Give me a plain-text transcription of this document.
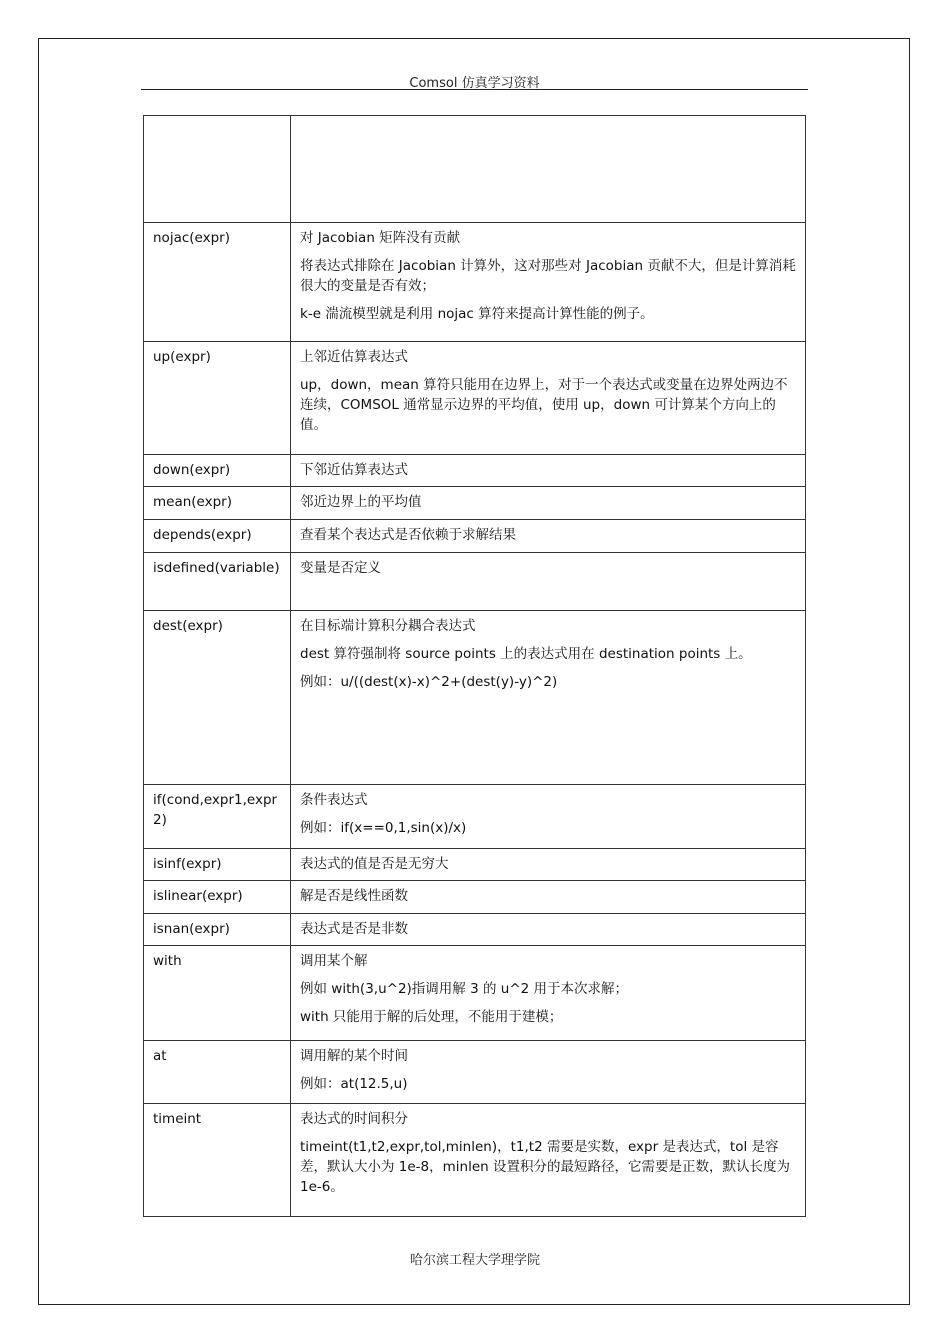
Comsol 仿真学习资料

nojac(expr)	对 Jacobian 矩阵没有贡献

将表达式排除在 Jacobian 计算外，这对那些对 Jacobian 贡献不大，但是计算消耗很大的变量是否有效；

k-e 湍流模型就是利用 nojac 算符来提高计算性能的例子。

up(expr)	上邻近估算表达式

up，down，mean 算符只能用在边界上，对于一个表达式或变量在边界处两边不连续，COMSOL 通常显示边界的平均值，使用 up，down 可计算某个方向上的值。

down(expr)	下邻近估算表达式

mean(expr)	邻近边界上的平均值

depends(expr)	查看某个表达式是否依赖于求解结果

isdefined(variable)	变量是否定义

dest(expr)	在目标端计算积分耦合表达式

dest 算符强制将 source points 上的表达式用在 destination points 上。

例如：u/((dest(x)-x)^2+(dest(y)-y)^2)

if(cond,expr1,expr2)	条件表达式

例如：if(x==0,1,sin(x)/x)

isinf(expr)	表达式的值是否是无穷大

islinear(expr)	解是否是线性函数

isnan(expr)	表达式是否是非数

with	调用某个解

例如 with(3,u^2)指调用解 3 的 u^2 用于本次求解；

with 只能用于解的后处理，不能用于建模；

at	调用解的某个时间

例如：at(12.5,u)

timeint	表达式的时间积分

timeint(t1,t2,expr,tol,minlen)，t1,t2 需要是实数，expr 是表达式，tol 是容差，默认大小为 1e-8，minlen 设置积分的最短路径，它需要是正数，默认长度为 1e-6。

哈尔滨工程大学理学院
